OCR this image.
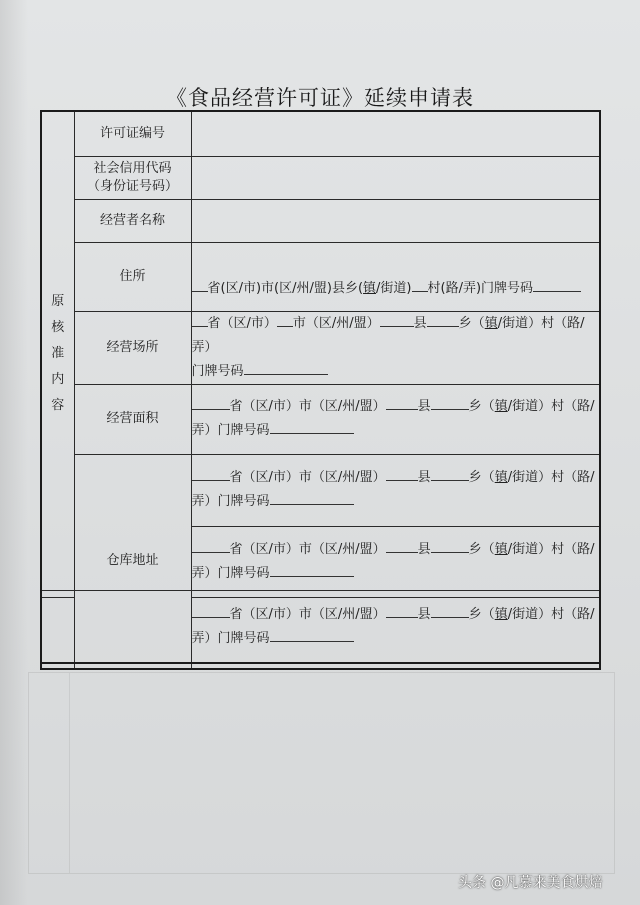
《食品经营许可证》延续申请表
原
核
准
内
容	许可证编号	
	社会信用代码
（身份证号码）	

	经营者名称	
	住所	省(区/市)市(区/州/盟)县乡(镇/街道) 村(路/弄)门牌号码
	经营场所	省（区/市） 市（区/州/盟） 县 乡（镇/街道）村（路/弄）
门牌号码
	经营面积	省（区/市）市（区/州/盟） 县 乡（镇/街道）村（路/
弄）门牌号码
	仓库地址	省（区/市）市（区/州/盟） 县 乡（镇/街道）村（路/
弄）门牌号码
		省（区/市）市（区/州/盟） 县 乡（镇/街道）村（路/
弄）门牌号码

		省（区/市）市（区/州/盟） 县	乡（镇/街道）村（路/
弄）门牌号码
头条 @凡慕来美食烘焙
